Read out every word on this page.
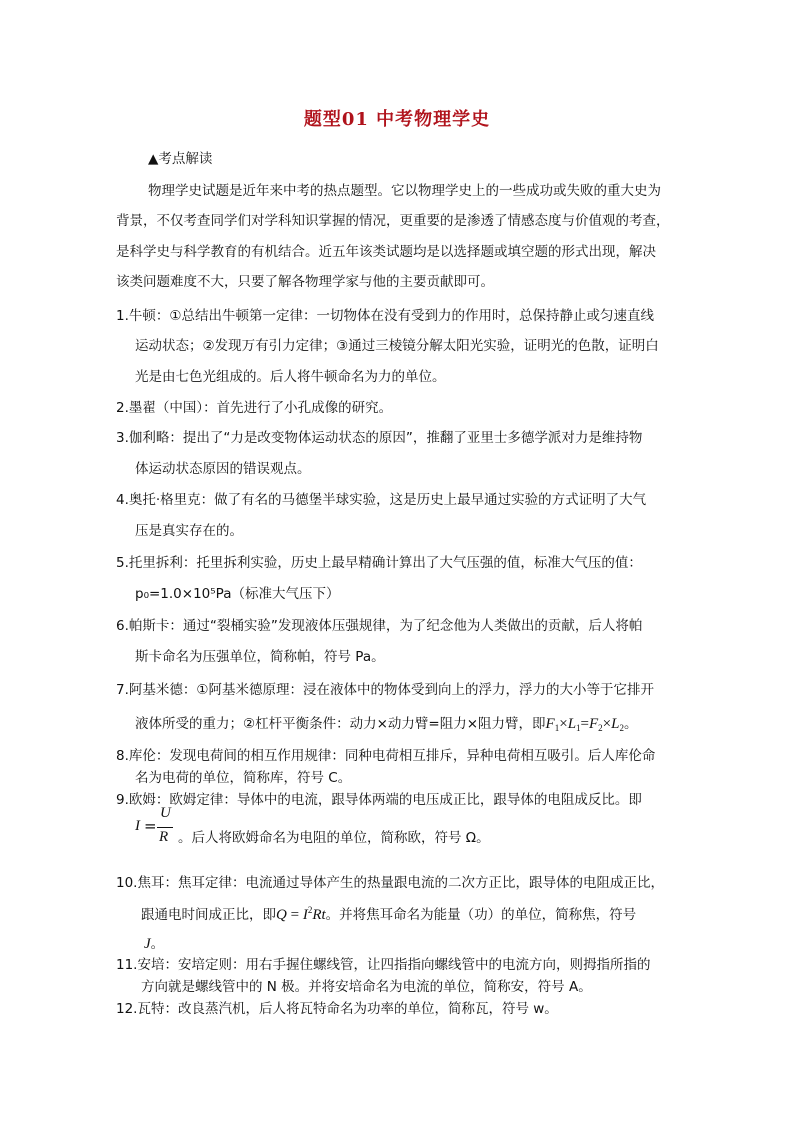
题型01 中考物理学史
▲考点解读
物理学史试题是近年来中考的热点题型。它以物理学史上的一些成功或失败的重大史为
背景，不仅考查同学们对学科知识掌握的情况，更重要的是渗透了情感态度与价值观的考查，
是科学史与科学教育的有机结合。近五年该类试题均是以选择题或填空题的形式出现，解决
该类问题难度不大，只要了解各物理学家与他的主要贡献即可。
1.牛顿：①总结出牛顿第一定律：一切物体在没有受到力的作用时，总保持静止或匀速直线
运动状态；②发现万有引力定律；③通过三棱镜分解太阳光实验，证明光的色散，证明白
光是由七色光组成的。后人将牛顿命名为力的单位。
2.墨翟（中国）：首先进行了小孔成像的研究。
3.伽利略：提出了“力是改变物体运动状态的原因”，推翻了亚里士多德学派对力是维持物
体运动状态原因的错误观点。
4.奥托·格里克：做了有名的马德堡半球实验，这是历史上最早通过实验的方式证明了大气
压是真实存在的。
5.托里拆利：托里拆利实验，历史上最早精确计算出了大气压强的值，标准大气压的值：
p₀=1.0×10⁵Pa（标准大气压下）
6.帕斯卡：通过“裂桶实验”发现液体压强规律，为了纪念他为人类做出的贡献，后人将帕
斯卡命名为压强单位，简称帕，符号 Pa。
7.阿基米德：①阿基米德原理：浸在液体中的物体受到向上的浮力，浮力的大小等于它排开
液体所受的重力；②杠杆平衡条件：动力×动力臂=阻力×阻力臂，即$F_1\times L_1=F_2\times L_2$。
8.库伦：发现电荷间的相互作用规律：同种电荷相互排斥，异种电荷相互吸引。后人库伦命
名为电荷的单位，简称库，符号 C。
9.欧姆：欧姆定律：导体中的电流，跟导体两端的电压成正比，跟导体的电阻成反比。即
I =
U
R 。后人将欧姆命名为电阻的单位，简称欧，符号 Ω。
10.焦耳：焦耳定律：电流通过导体产生的热量跟电流的二次方正比，跟导体的电阻成正比，
跟通电时间成正比，即$Q = I^2Rt$。并将焦耳命名为能量（功）的单位，简称焦，符号
J。
11.安培：安培定则：用右手握住螺线管，让四指指向螺线管中的电流方向，则拇指所指的
方向就是螺线管中的 N 极。并将安培命名为电流的单位，简称安，符号 A。
12.瓦特：改良蒸汽机，后人将瓦特命名为功率的单位，简称瓦，符号 w。
